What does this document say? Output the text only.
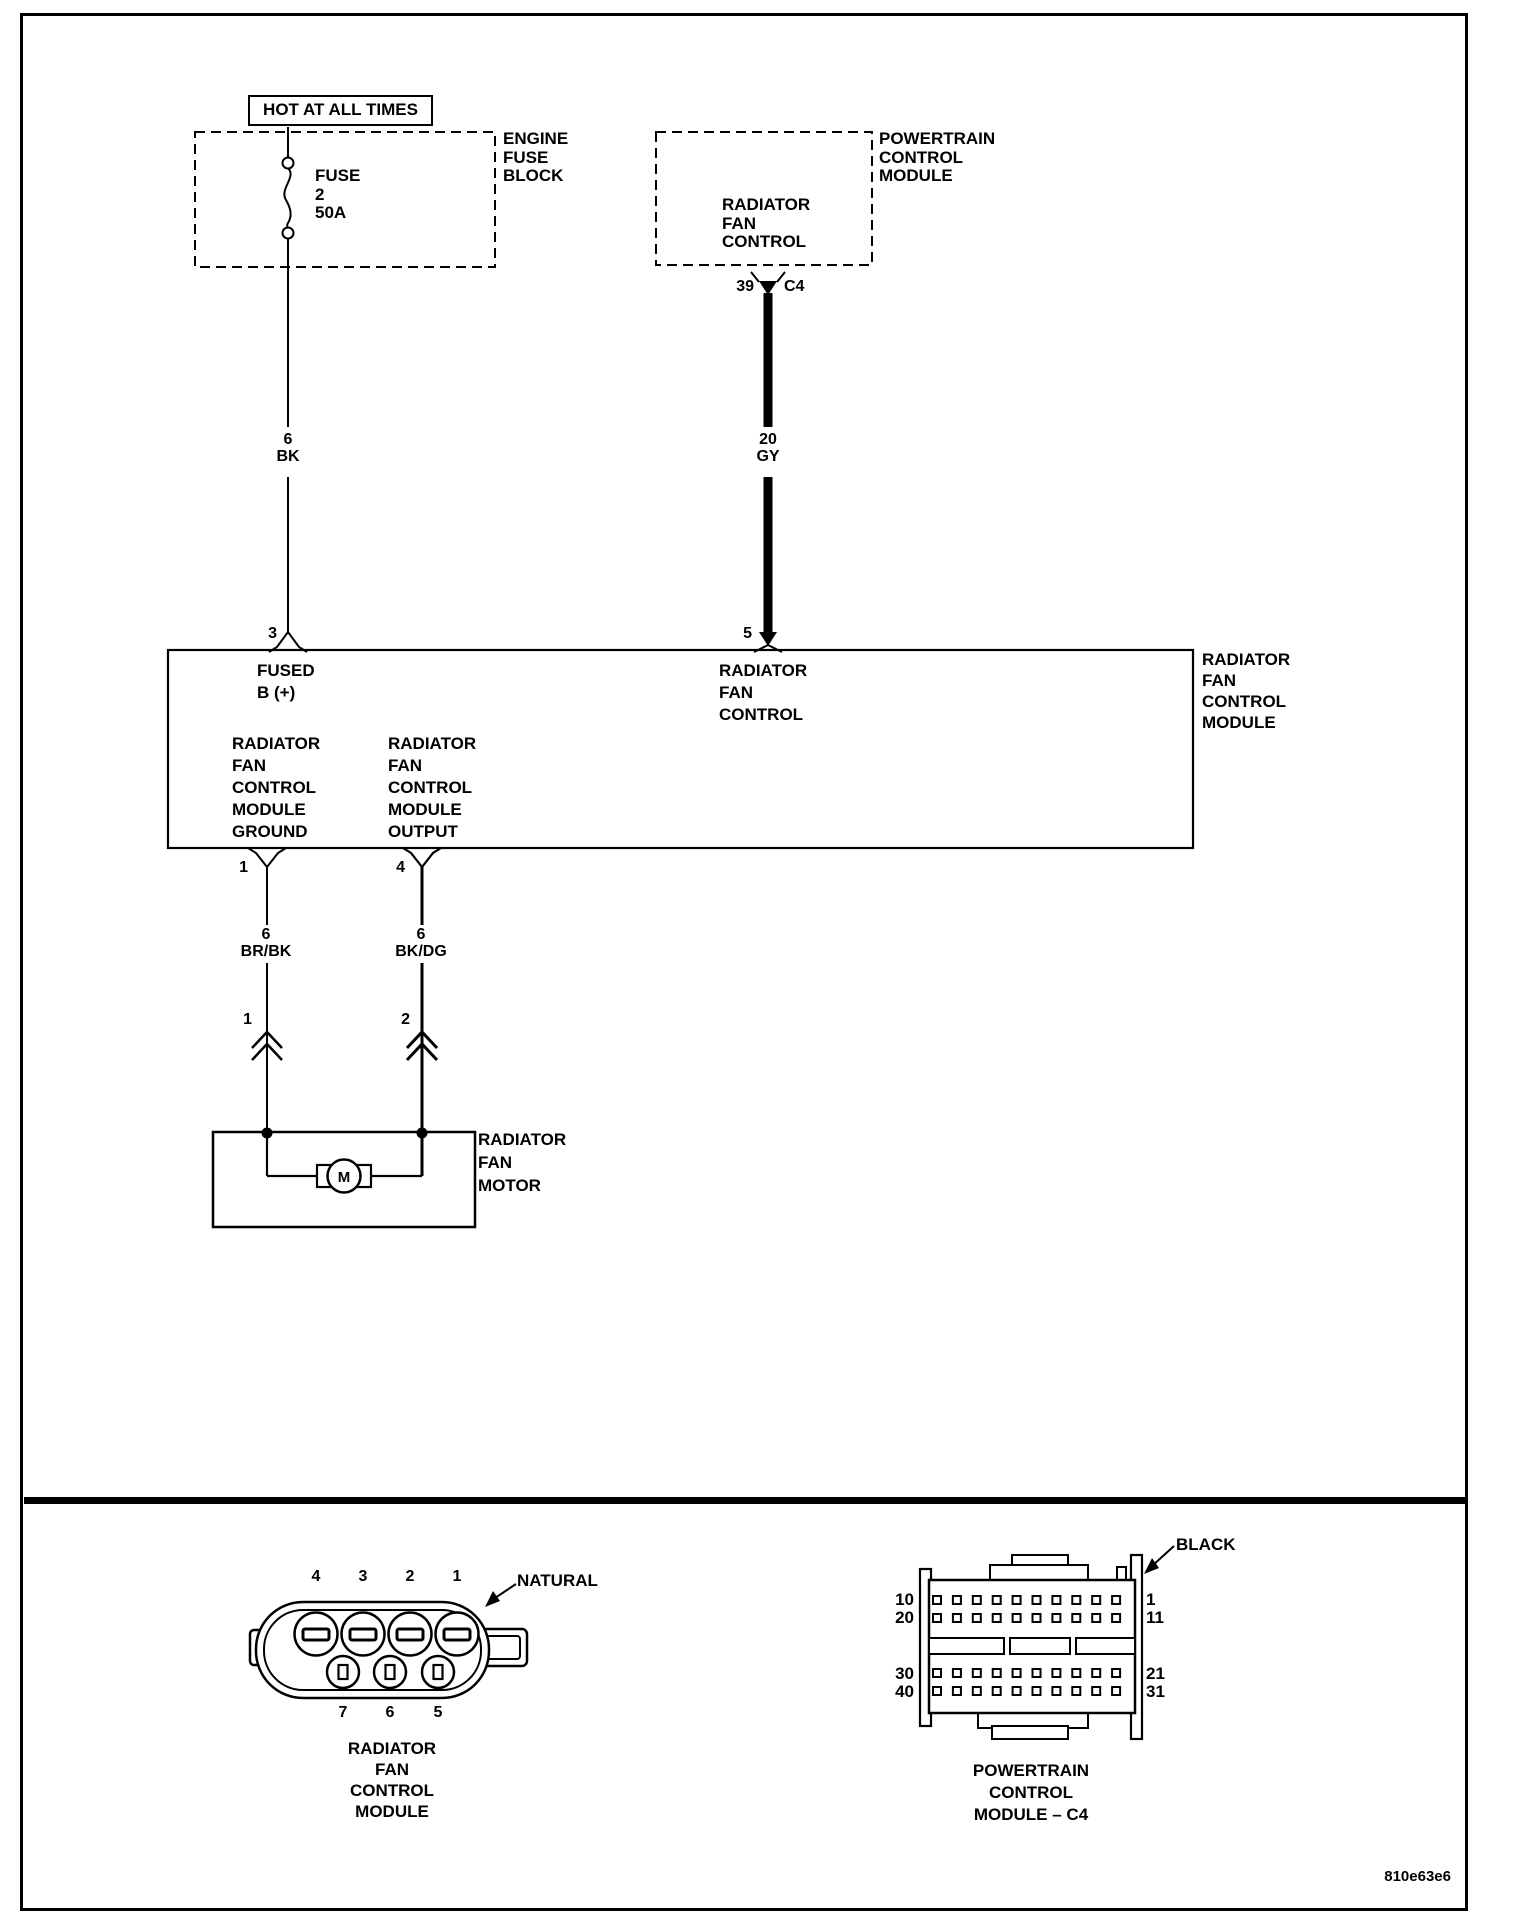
M
HOT AT ALL TIMES
FUSE
2
50A
ENGINE
FUSE
BLOCK
RADIATOR
FAN
CONTROL
POWERTRAIN
CONTROL
MODULE
39 C4
6
BK
20
GY
3	5
FUSED
B (+)
RADIATOR
FAN
CONTROL
RADIATOR
FAN
CONTROL
MODULE
GROUND
RADIATOR
FAN
CONTROL
MODULE
OUTPUT
RADIATOR
FAN
CONTROL
MODULE
1	4
6
BR/BK
6
BK/DG
1	2
RADIATOR
FAN
MOTOR
NATURAL
4 3 2 1
7 6 5
RADIATOR
FAN
CONTROL
MODULE
BLACK
10
20
30
40
1
11
21
31
POWERTRAIN
CONTROL
MODULE – C4
810e63e6
